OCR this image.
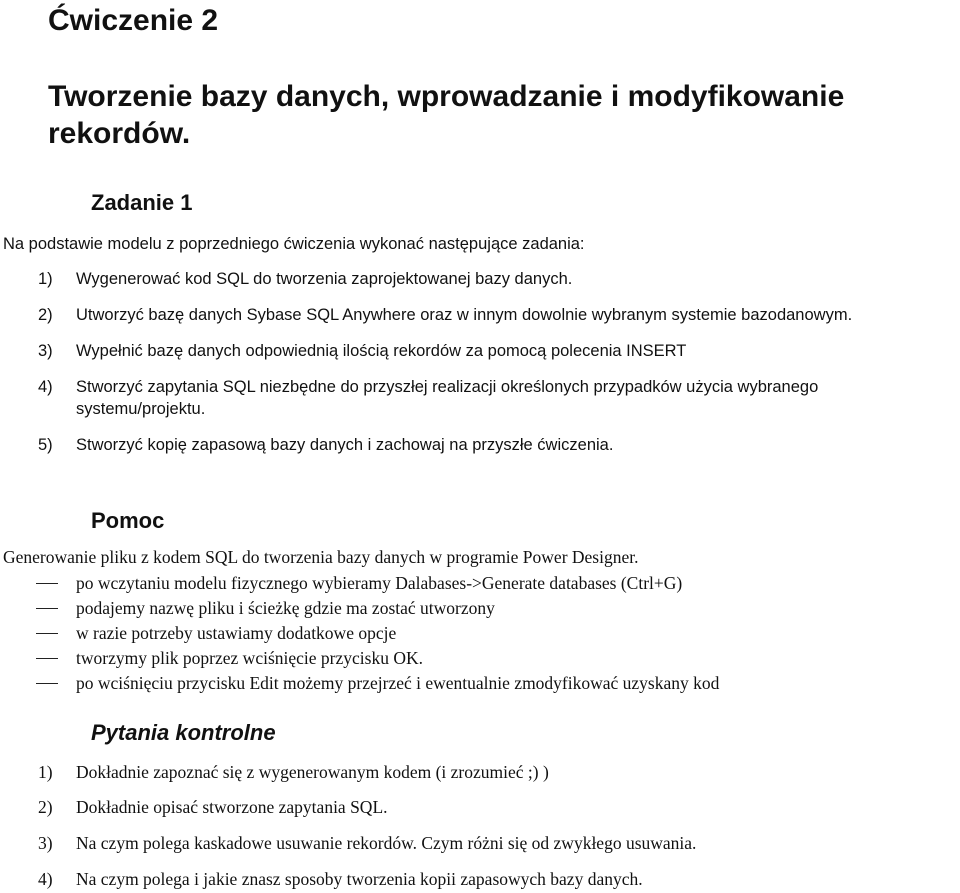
Ćwiczenie 2
Tworzenie bazy danych, wprowadzanie i modyfikowanie
rekordów.
Zadanie 1
Na podstawie modelu z poprzedniego ćwiczenia wykonać następujące zadania:
1) Wygenerować kod SQL do tworzenia zaprojektowanej bazy danych.
2) Utworzyć bazę danych Sybase SQL Anywhere oraz w innym dowolnie wybranym systemie bazodanowym.
3) Wypełnić bazę danych odpowiednią ilością rekordów za pomocą polecenia INSERT
4) Stworzyć zapytania SQL niezbędne do przyszłej realizacji określonych przypadków użycia wybranego
systemu/projektu.
5) Stworzyć kopię zapasową bazy danych i zachowaj na przyszłe ćwiczenia.
Pomoc
Generowanie pliku z kodem SQL do tworzenia bazy danych w programie Power Designer.
po wczytaniu modelu fizycznego wybieramy Dalabases->Generate databases (Ctrl+G)
podajemy nazwę pliku i ścieżkę gdzie ma zostać utworzony
w razie potrzeby ustawiamy dodatkowe opcje
tworzymy plik poprzez wciśnięcie przycisku OK.
po wciśnięciu przycisku Edit możemy przejrzeć i ewentualnie zmodyfikować uzyskany kod
Pytania kontrolne
1) Dokładnie zapoznać się z wygenerowanym kodem (i zrozumieć ;) )
2) Dokładnie opisać stworzone zapytania SQL.
3) Na czym polega kaskadowe usuwanie rekordów. Czym różni się od zwykłego usuwania.
4) Na czym polega i jakie znasz sposoby tworzenia kopii zapasowych bazy danych.
